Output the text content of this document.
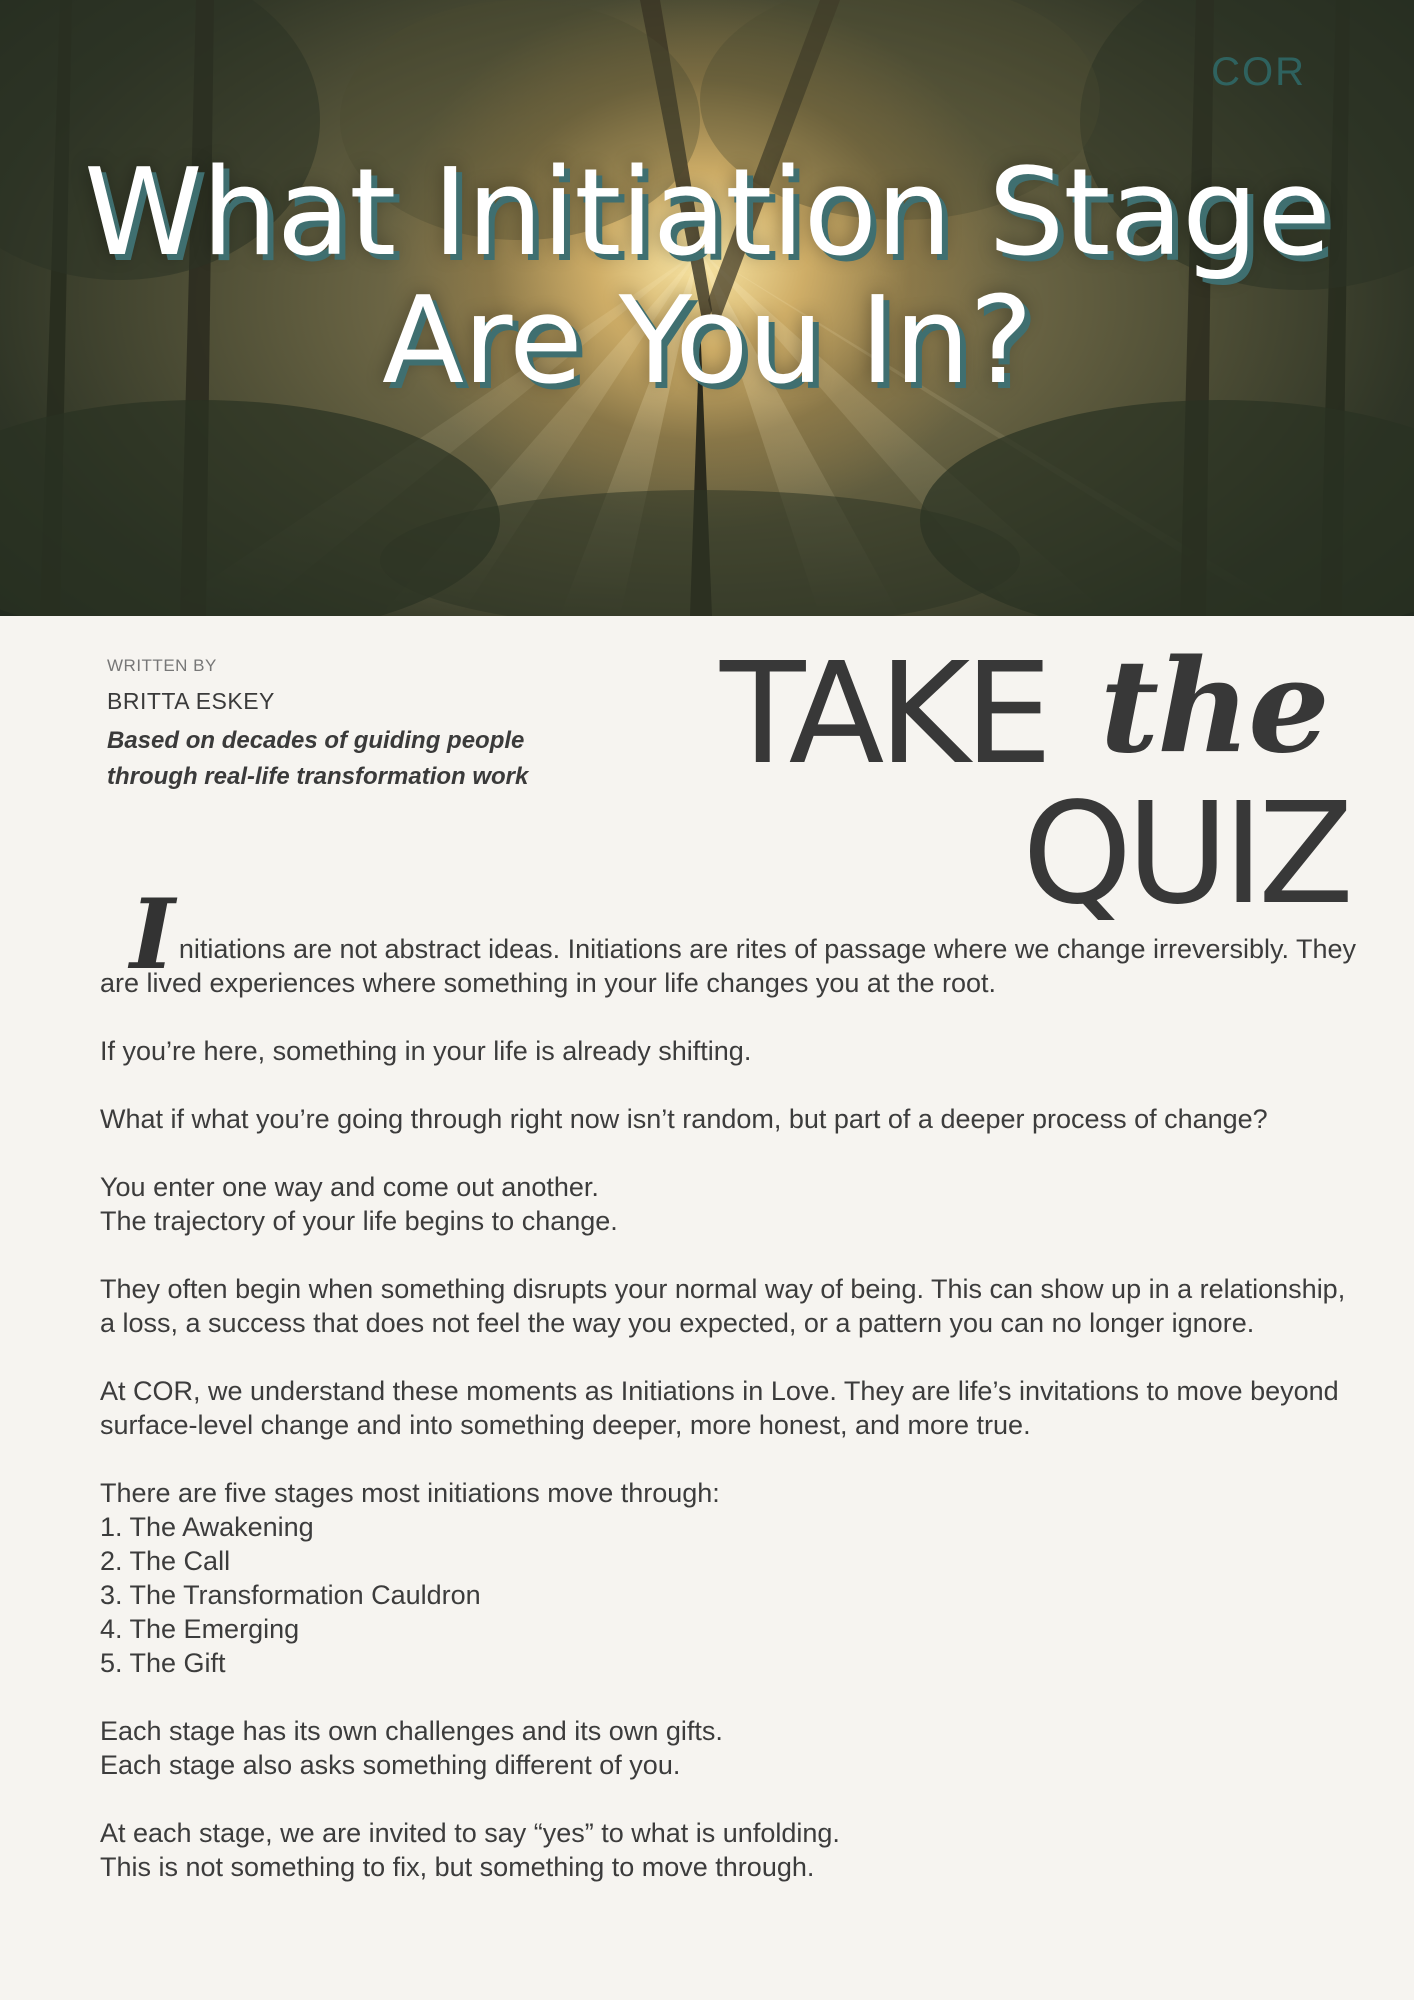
COR
What Initiation Stage
Are You In?

WRITTEN BY

BRITTA ESKEY

Based on decades of guiding people
through real-life transformation work	TAKE the
QUIZ

Initiations are not abstract ideas. Initiations are rites of passage where we change irreversibly. They are lived experiences where something in your life changes you at the root.

If you’re here, something in your life is already shifting.

What if what you’re going through right now isn’t random, but part of a deeper process of change?

You enter one way and come out another.
The trajectory of your life begins to change.

They often begin when something disrupts your normal way of being. This can show up in a relationship, a loss, a success that does not feel the way you expected, or a pattern you can no longer ignore.

At COR, we understand these moments as Initiations in Love. They are life’s invitations to move beyond surface-level change and into something deeper, more honest, and more true.

There are five stages most initiations move through:
1. The Awakening
2. The Call
3. The Transformation Cauldron
4. The Emerging
5. The Gift

Each stage has its own challenges and its own gifts.
Each stage also asks something different of you.

At each stage, we are invited to say “yes” to what is unfolding.
This is not something to fix, but something to move through.
